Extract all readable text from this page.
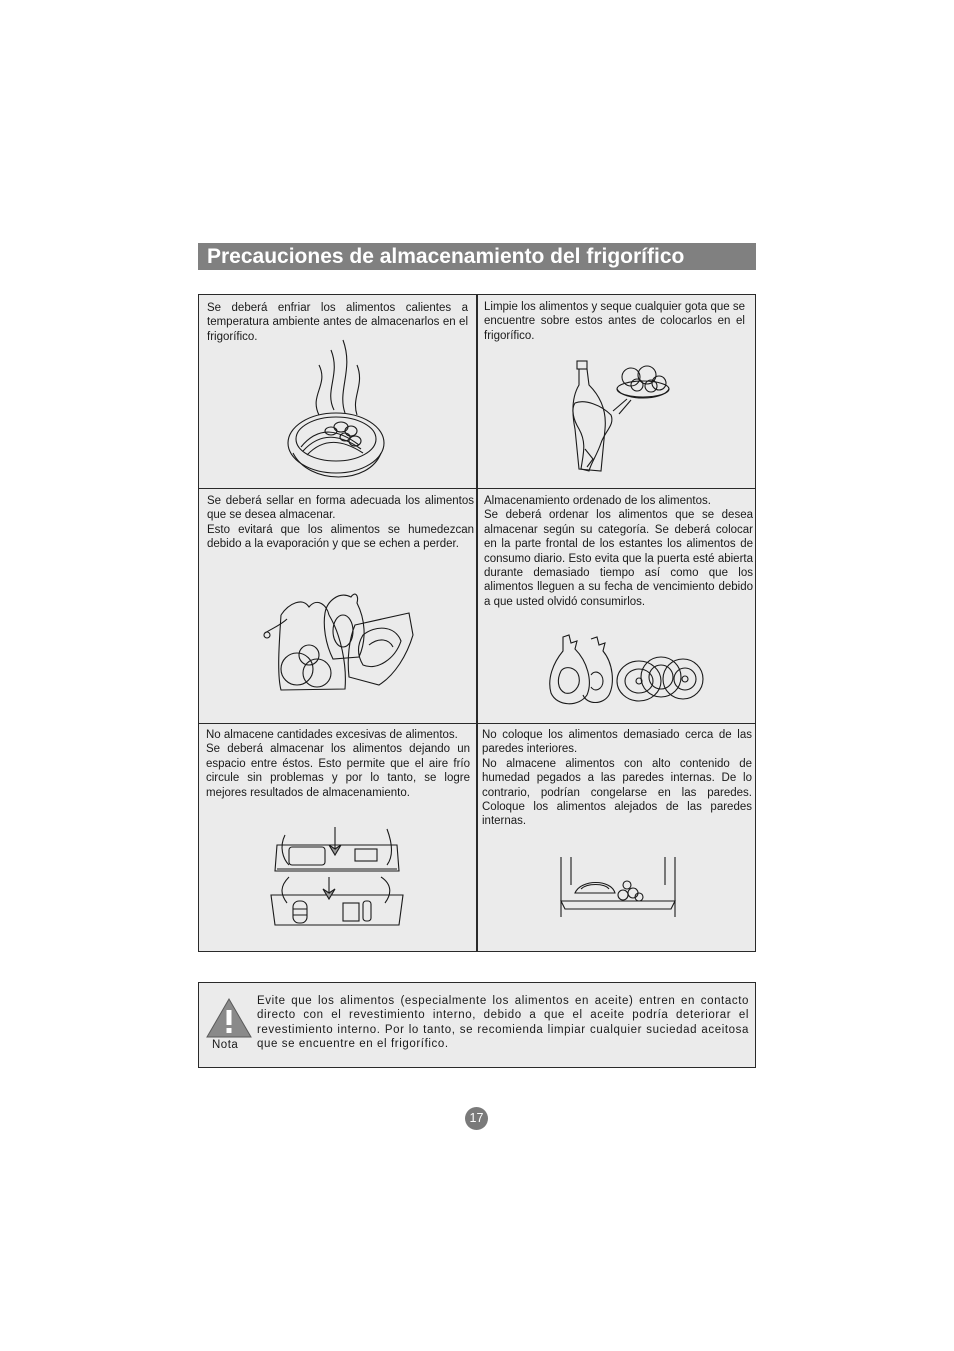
Precauciones de almacenamiento del frigorífico
Se deberá enfriar los alimentos calientes a temperatura ambiente antes de almacenarlos en el frigorífico.
Limpie los alimentos y seque cualquier gota que se encuentre sobre estos antes de colocarlos en el frigorífico.
Se deberá sellar en forma adecuada los alimentos que se desea almacenar.
Esto evitará que los alimentos se humedezcan debido a la evaporación y que se echen a perder.
Almacenamiento ordenado de los alimentos.
Se deberá ordenar los alimentos que se desea almacenar según su categoría. Se deberá colocar en la parte frontal de los estantes los alimentos de consumo diario. Esto evita que la puerta esté abierta durante demasiado tiempo así como que los alimentos lleguen a su fecha de vencimiento debido a que usted olvidó consumirlos.
No almacene cantidades excesivas de alimentos.
Se deberá almacenar los alimentos dejando un espacio entre éstos. Esto permite que el aire frío circule sin problemas y por lo tanto, se logre mejores resultados de almacenamiento.
No coloque los alimentos demasiado cerca de las paredes interiores.
No almacene alimentos con alto contenido de humedad pegados a las paredes internas. De lo contrario, podrían congelarse en las paredes. Coloque los alimentos alejados de las paredes internas.
Nota
Evite que los alimentos (especialmente los alimentos en aceite) entren en contacto directo con el revestimiento interno, debido a que el aceite podría deteriorar el revestimiento interno. Por lo tanto, se recomienda limpiar cualquier suciedad aceitosa que se encuentre en el frigorífico.
17
